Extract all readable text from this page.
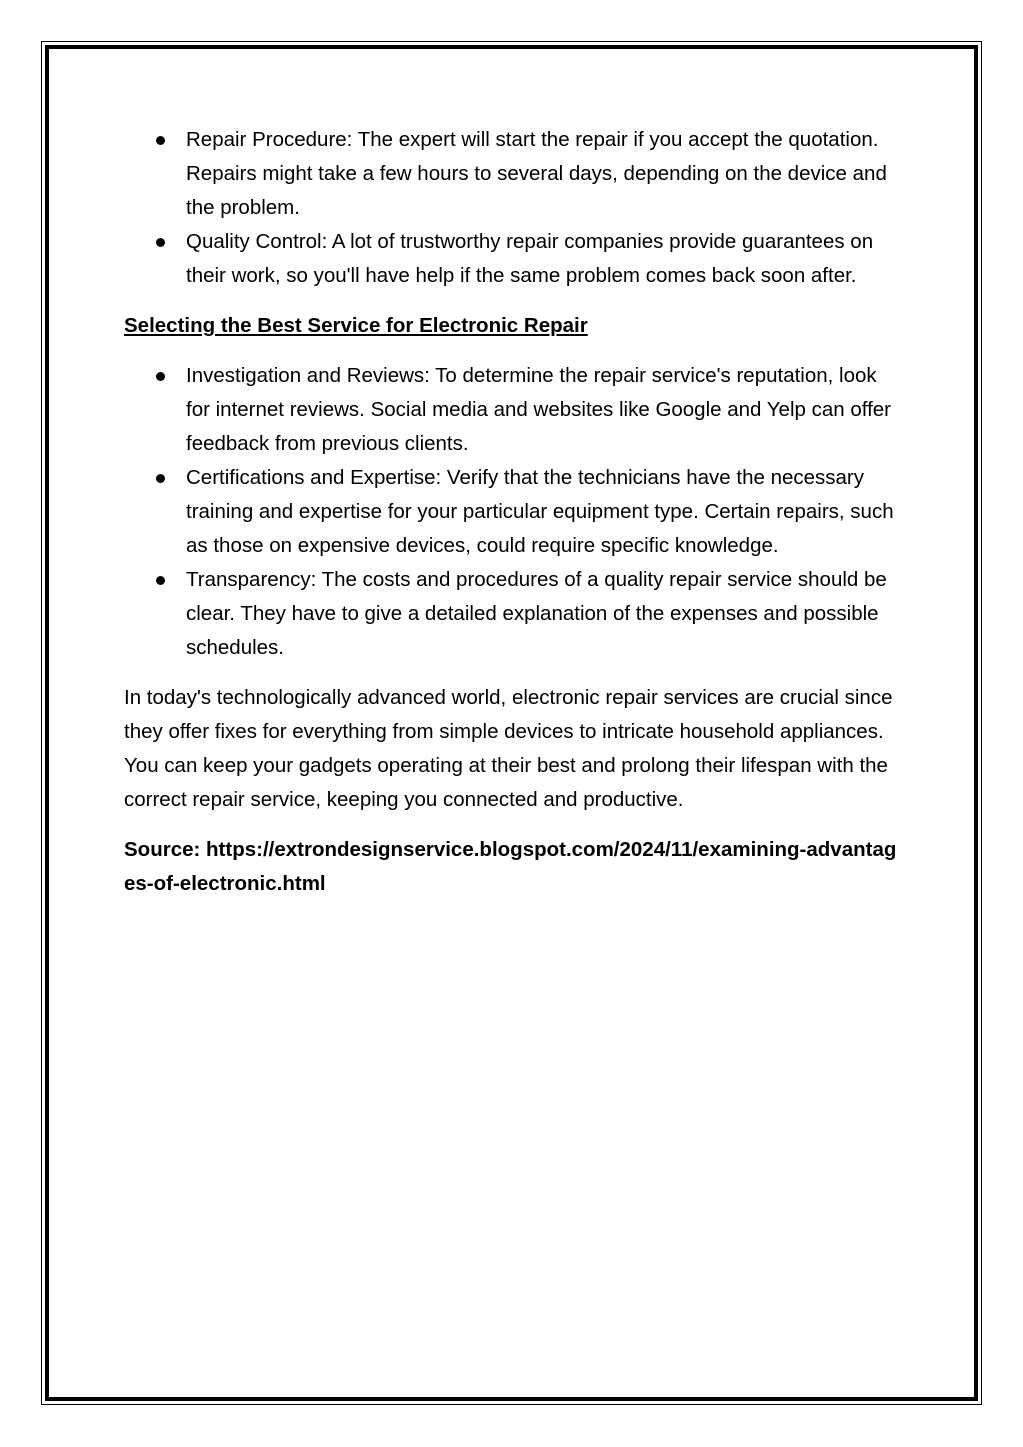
Repair Procedure: The expert will start the repair if you accept the quotation. Repairs might take a few hours to several days, depending on the device and the problem.
Quality Control: A lot of trustworthy repair companies provide guarantees on their work, so you'll have help if the same problem comes back soon after.
Selecting the Best Service for Electronic Repair
Investigation and Reviews: To determine the repair service's reputation, look for internet reviews. Social media and websites like Google and Yelp can offer feedback from previous clients.
Certifications and Expertise: Verify that the technicians have the necessary training and expertise for your particular equipment type. Certain repairs, such as those on expensive devices, could require specific knowledge.
Transparency: The costs and procedures of a quality repair service should be clear. They have to give a detailed explanation of the expenses and possible schedules.

In today's technologically advanced world, electronic repair services are crucial since they offer fixes for everything from simple devices to intricate household appliances. You can keep your gadgets operating at their best and prolong their lifespan with the correct repair service, keeping you connected and productive.

Source: https://extrondesignservice.blogspot.com/2024/11/examining-advantages-of-electronic.html
